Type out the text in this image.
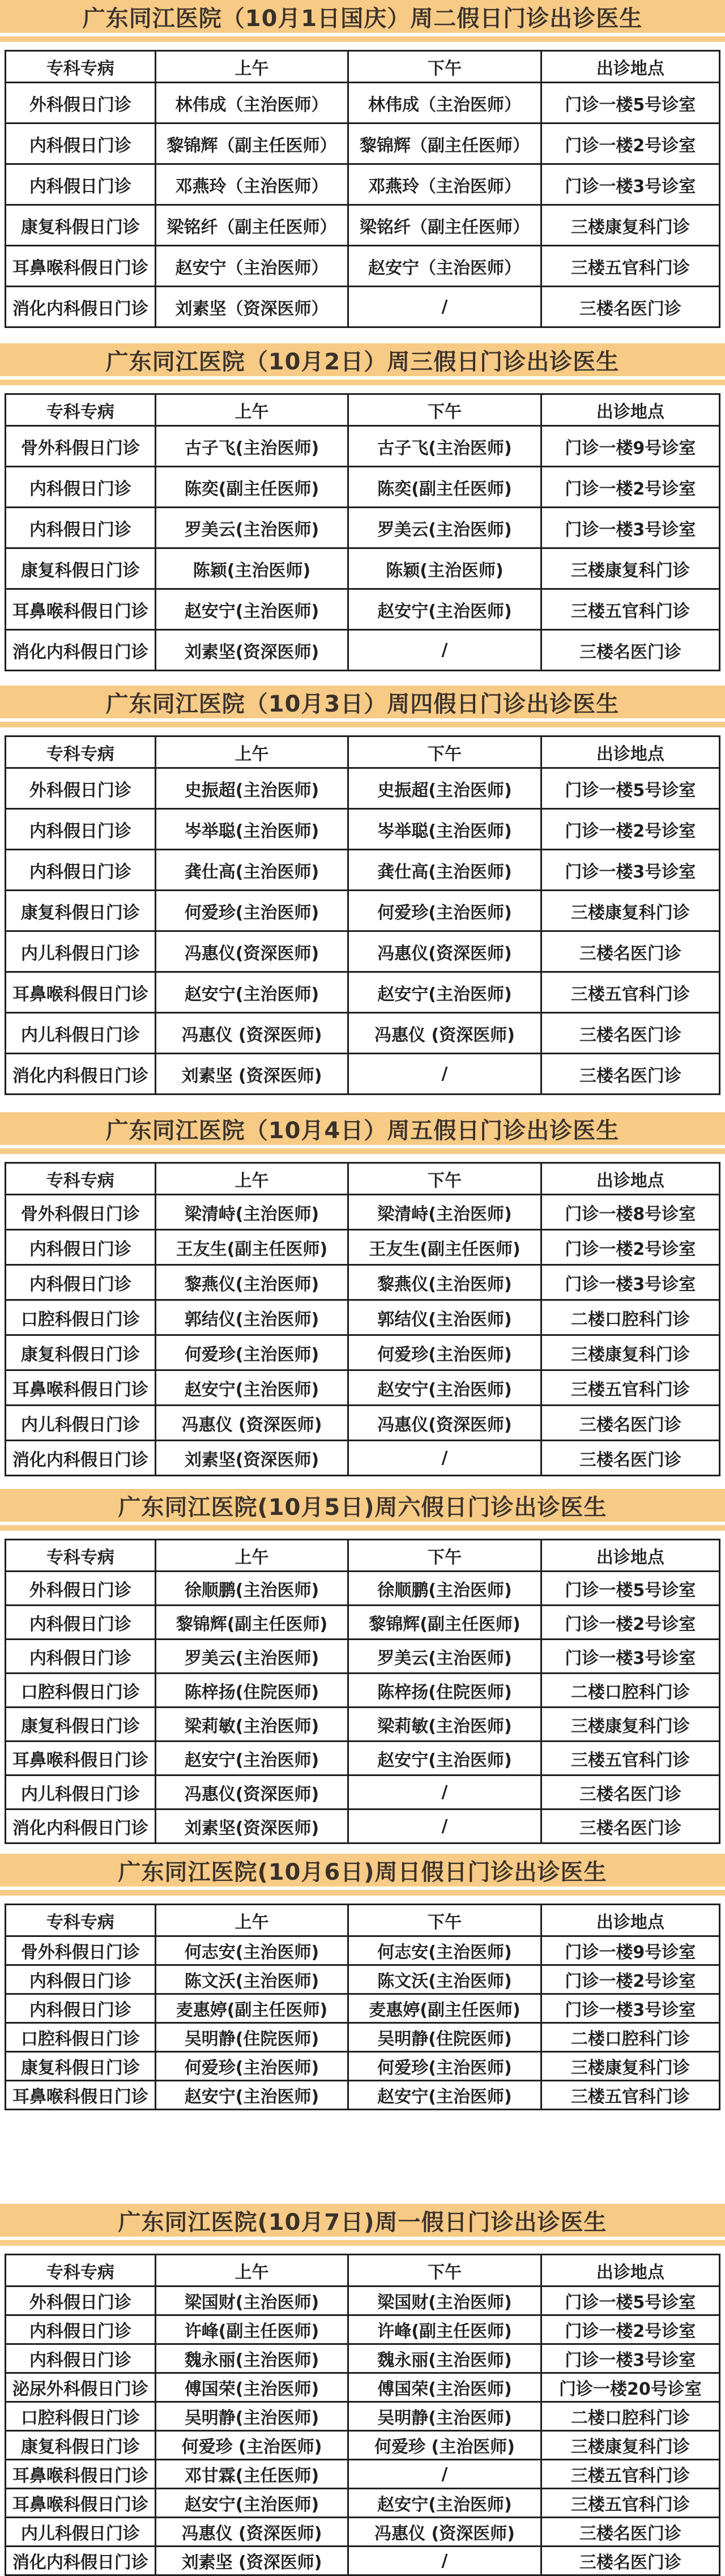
广东同江医院（10月1日国庆）周二假日门诊出诊医生
专科专病	上午	下午	出诊地点
外科假日门诊	林伟成（主治医师）	林伟成（主治医师）	门诊一楼5号诊室
内科假日门诊	黎锦辉（副主任医师）	黎锦辉（副主任医师）	门诊一楼2号诊室
内科假日门诊	邓燕玲（主治医师）	邓燕玲（主治医师）	门诊一楼3号诊室
康复科假日门诊	梁铭纤（副主任医师）	梁铭纤（副主任医师）	三楼康复科门诊
耳鼻喉科假日门诊	赵安宁（主治医师）	赵安宁（主治医师）	三楼五官科门诊
消化内科假日门诊	刘素坚（资深医师）	/	三楼名医门诊
广东同江医院（10月2日）周三假日门诊出诊医生
专科专病	上午	下午	出诊地点
骨外科假日门诊	古子飞(主治医师)	古子飞(主治医师)	门诊一楼9号诊室
内科假日门诊	陈奕(副主任医师)	陈奕(副主任医师)	门诊一楼2号诊室
内科假日门诊	罗美云(主治医师)	罗美云(主治医师)	门诊一楼3号诊室
康复科假日门诊	陈颖(主治医师)	陈颖(主治医师)	三楼康复科门诊
耳鼻喉科假日门诊	赵安宁(主治医师)	赵安宁(主治医师)	三楼五官科门诊
消化内科假日门诊	刘素坚(资深医师)	/	三楼名医门诊
广东同江医院（10月3日）周四假日门诊出诊医生
专科专病	上午	下午	出诊地点
外科假日门诊	史振超(主治医师)	史振超(主治医师)	门诊一楼5号诊室
内科假日门诊	岑举聪(主治医师)	岑举聪(主治医师)	门诊一楼2号诊室
内科假日门诊	龚仕高(主治医师)	龚仕高(主治医师)	门诊一楼3号诊室
康复科假日门诊	何爱珍(主治医师)	何爱珍(主治医师)	三楼康复科门诊
内儿科假日门诊	冯惠仪(资深医师)	冯惠仪(资深医师)	三楼名医门诊
耳鼻喉科假日门诊	赵安宁(主治医师)	赵安宁(主治医师)	三楼五官科门诊
内儿科假日门诊	冯惠仪 (资深医师)	冯惠仪 (资深医师)	三楼名医门诊
消化内科假日门诊	刘素坚 (资深医师)	/	三楼名医门诊
广东同江医院（10月4日）周五假日门诊出诊医生
专科专病	上午	下午	出诊地点
骨外科假日门诊	梁清峙(主治医师)	梁清峙(主治医师)	门诊一楼8号诊室
内科假日门诊	王友生(副主任医师)	王友生(副主任医师)	门诊一楼2号诊室
内科假日门诊	黎燕仪(主治医师)	黎燕仪(主治医师)	门诊一楼3号诊室
口腔科假日门诊	郭结仪(主治医师)	郭结仪(主治医师)	二楼口腔科门诊
康复科假日门诊	何爱珍(主治医师)	何爱珍(主治医师)	三楼康复科门诊
耳鼻喉科假日门诊	赵安宁(主治医师)	赵安宁(主治医师)	三楼五官科门诊
内儿科假日门诊	冯惠仪 (资深医师)	冯惠仪(资深医师)	三楼名医门诊
消化内科假日门诊	刘素坚(资深医师)	/	三楼名医门诊
广东同江医院(10月5日)周六假日门诊出诊医生
专科专病	上午	下午	出诊地点
外科假日门诊	徐顺鹏(主治医师)	徐顺鹏(主治医师)	门诊一楼5号诊室
内科假日门诊	黎锦辉(副主任医师)	黎锦辉(副主任医师)	门诊一楼2号诊室
内科假日门诊	罗美云(主治医师)	罗美云(主治医师)	门诊一楼3号诊室
口腔科假日门诊	陈梓扬(住院医师)	陈梓扬(住院医师)	二楼口腔科门诊
康复科假日门诊	梁莉敏(主治医师)	梁莉敏(主治医师)	三楼康复科门诊
耳鼻喉科假日门诊	赵安宁(主治医师)	赵安宁(主治医师)	三楼五官科门诊
内儿科假日门诊	冯惠仪(资深医师)	/	三楼名医门诊
消化内科假日门诊	刘素坚(资深医师)	/	三楼名医门诊
广东同江医院(10月6日)周日假日门诊出诊医生
专科专病	上午	下午	出诊地点
骨外科假日门诊	何志安(主治医师)	何志安(主治医师)	门诊一楼9号诊室
内科假日门诊	陈文沃(主治医师)	陈文沃(主治医师)	门诊一楼2号诊室
内科假日门诊	麦惠婷(副主任医师)	麦惠婷(副主任医师)	门诊一楼3号诊室
口腔科假日门诊	吴明静(住院医师)	吴明静(住院医师)	二楼口腔科门诊
康复科假日门诊	何爱珍(主治医师)	何爱珍(主治医师)	三楼康复科门诊
耳鼻喉科假日门诊	赵安宁(主治医师)	赵安宁(主治医师)	三楼五官科门诊
广东同江医院(10月7日)周一假日门诊出诊医生
专科专病	上午	下午	出诊地点
外科假日门诊	梁国财(主治医师)	梁国财(主治医师)	门诊一楼5号诊室
内科假日门诊	许峰(副主任医师)	许峰(副主任医师)	门诊一楼2号诊室
内科假日门诊	魏永丽(主治医师)	魏永丽(主治医师)	门诊一楼3号诊室
泌尿外科假日门诊	傅国荣(主治医师)	傅国荣(主治医师)	门诊一楼20号诊室
口腔科假日门诊	吴明静(主治医师)	吴明静(主治医师)	二楼口腔科门诊
康复科假日门诊	何爱珍 (主治医师)	何爱珍 (主治医师)	三楼康复科门诊
耳鼻喉科假日门诊	邓甘霖(主任医师)	/	三楼五官科门诊
耳鼻喉科假日门诊	赵安宁(主治医师)	赵安宁(主治医师)	三楼五官科门诊
内儿科假日门诊	冯惠仪 (资深医师)	冯惠仪 (资深医师)	三楼名医门诊
消化内科假日门诊	刘素坚 (资深医师)	/	三楼名医门诊
